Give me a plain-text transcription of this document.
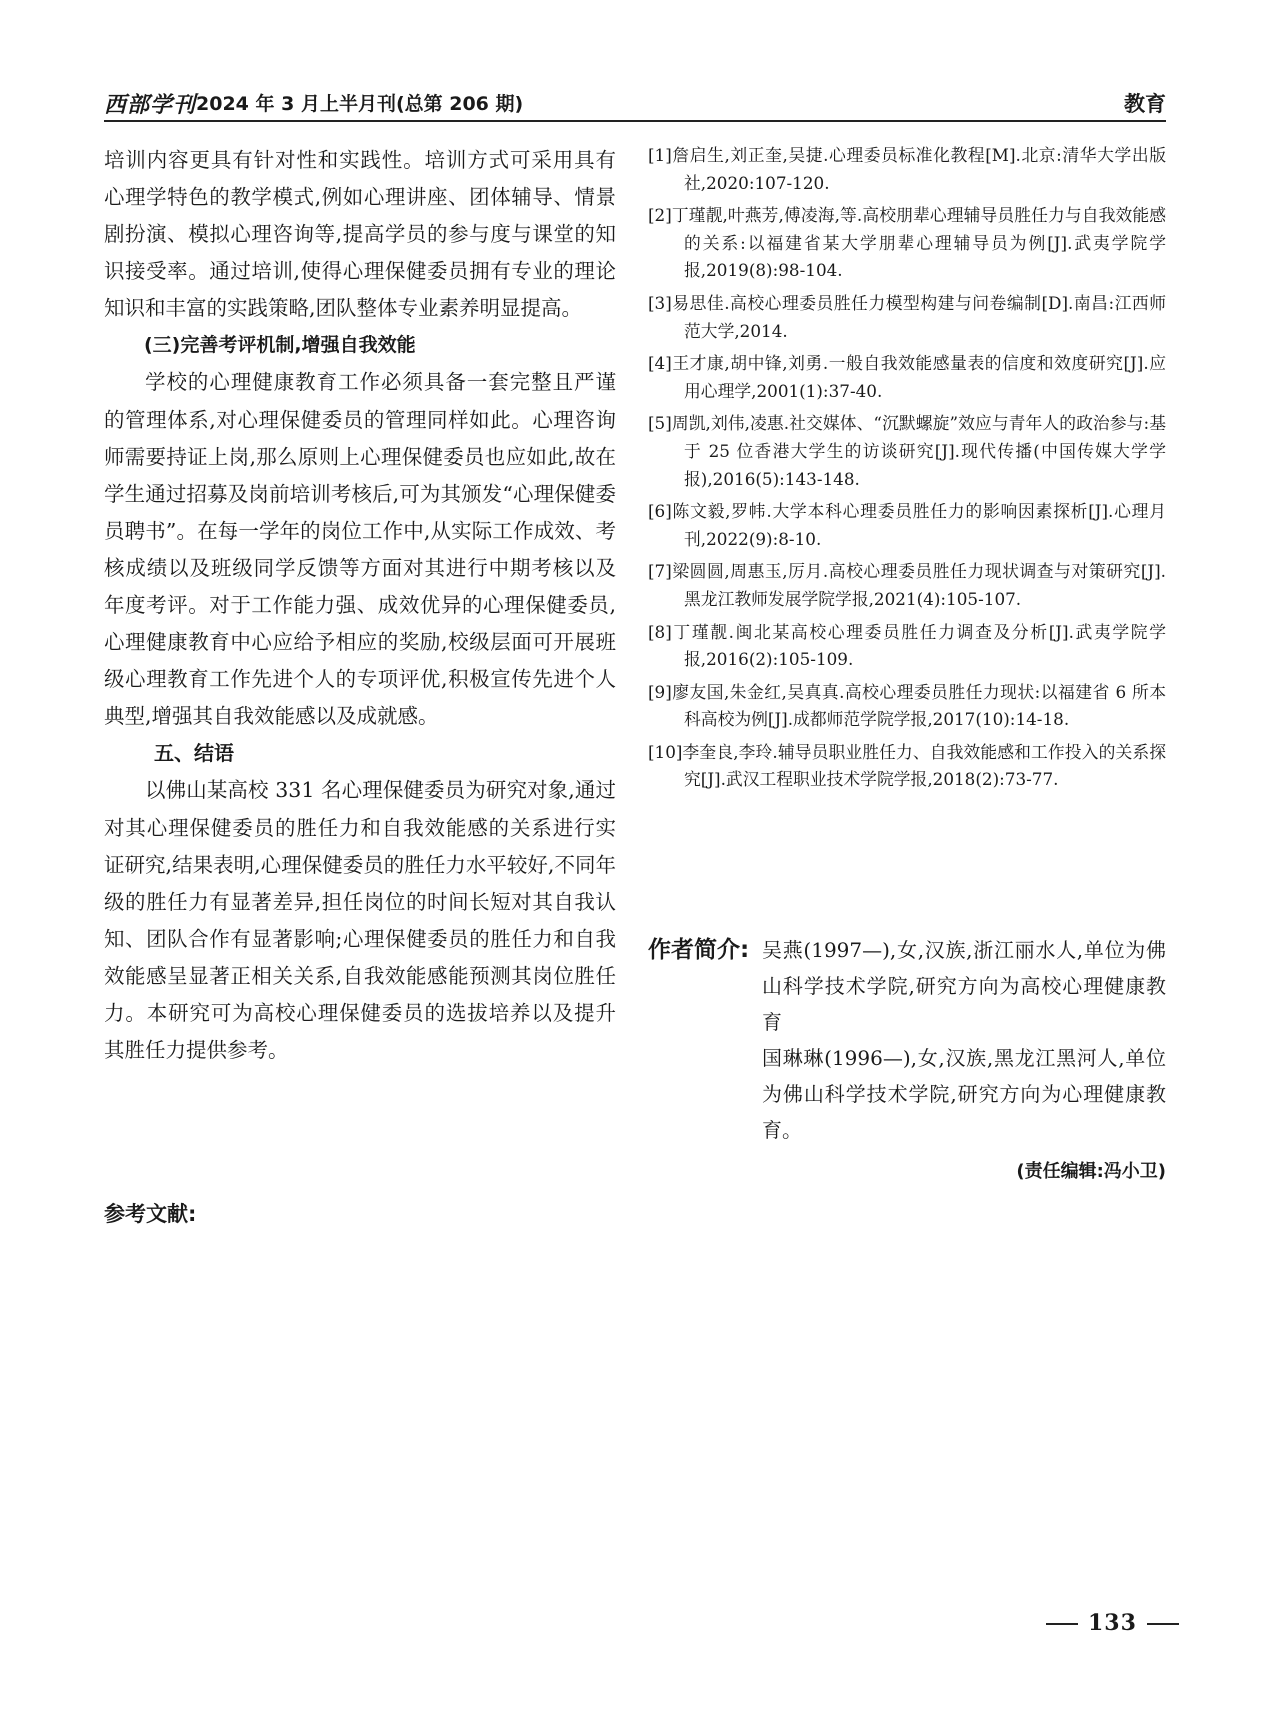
西部学刊 2024 年 3 月上半月刊(总第 206 期)	教育

培训内容更具有针对性和实践性。培训方式可采用具有心理学特色的教学模式,例如心理讲座、团体辅导、情景剧扮演、模拟心理咨询等,提高学员的参与度与课堂的知识接受率。通过培训,使得心理保健委员拥有专业的理论知识和丰富的实践策略,团队整体专业素养明显提高。

(三)完善考评机制,增强自我效能

学校的心理健康教育工作必须具备一套完整且严谨的管理体系,对心理保健委员的管理同样如此。心理咨询师需要持证上岗,那么原则上心理保健委员也应如此,故在学生通过招募及岗前培训考核后,可为其颁发“心理保健委员聘书”。在每一学年的岗位工作中,从实际工作成效、考核成绩以及班级同学反馈等方面对其进行中期考核以及年度考评。对于工作能力强、成效优异的心理保健委员,心理健康教育中心应给予相应的奖励,校级层面可开展班级心理教育工作先进个人的专项评优,积极宣传先进个人典型,增强其自我效能感以及成就感。

五、结语

以佛山某高校 331 名心理保健委员为研究对象,通过对其心理保健委员的胜任力和自我效能感的关系进行实证研究,结果表明,心理保健委员的胜任力水平较好,不同年级的胜任力有显著差异,担任岗位的时间长短对其自我认知、团队合作有显著影响;心理保健委员的胜任力和自我效能感呈显著正相关关系,自我效能感能预测其岗位胜任力。本研究可为高校心理保健委员的选拔培养以及提升其胜任力提供参考。

参考文献:

[1]詹启生,刘正奎,吴捷.心理委员标准化教程[M].北京:清华大学出版社,2020:107-120.

[2]丁瑾靓,叶燕芳,傅凌海,等.高校朋辈心理辅导员胜任力与自我效能感的关系:以福建省某大学朋辈心理辅导员为例[J].武夷学院学报,2019(8):98-104.

[3]易思佳.高校心理委员胜任力模型构建与问卷编制[D].南昌:江西师范大学,2014.

[4]王才康,胡中锋,刘勇.一般自我效能感量表的信度和效度研究[J].应用心理学,2001(1):37-40.

[5]周凯,刘伟,凌惠.社交媒体、“沉默螺旋”效应与青年人的政治参与:基于 25 位香港大学生的访谈研究[J].现代传播(中国传媒大学学报),2016(5):143-148.

[6]陈文毅,罗帏.大学本科心理委员胜任力的影响因素探析[J].心理月刊,2022(9):8-10.

[7]梁圆圆,周惠玉,厉月.高校心理委员胜任力现状调查与对策研究[J].黑龙江教师发展学院学报,2021(4):105-107.

[8]丁瑾靓.闽北某高校心理委员胜任力调查及分析[J].武夷学院学报,2016(2):105-109.

[9]廖友国,朱金红,吴真真.高校心理委员胜任力现状:以福建省 6 所本科高校为例[J].成都师范学院学报,2017(10):14-18.

[10]李奎良,李玲.辅导员职业胜任力、自我效能感和工作投入的关系探究[J].武汉工程职业技术学院学报,2018(2):73-77.

作者简介: 吴燕(1997—),女,汉族,浙江丽水人,单位为佛山科学技术学院,研究方向为高校心理健康教育

国琳琳(1996—),女,汉族,黑龙江黑河人,单位为佛山科学技术学院,研究方向为心理健康教育。

(责任编辑:冯小卫)
133
